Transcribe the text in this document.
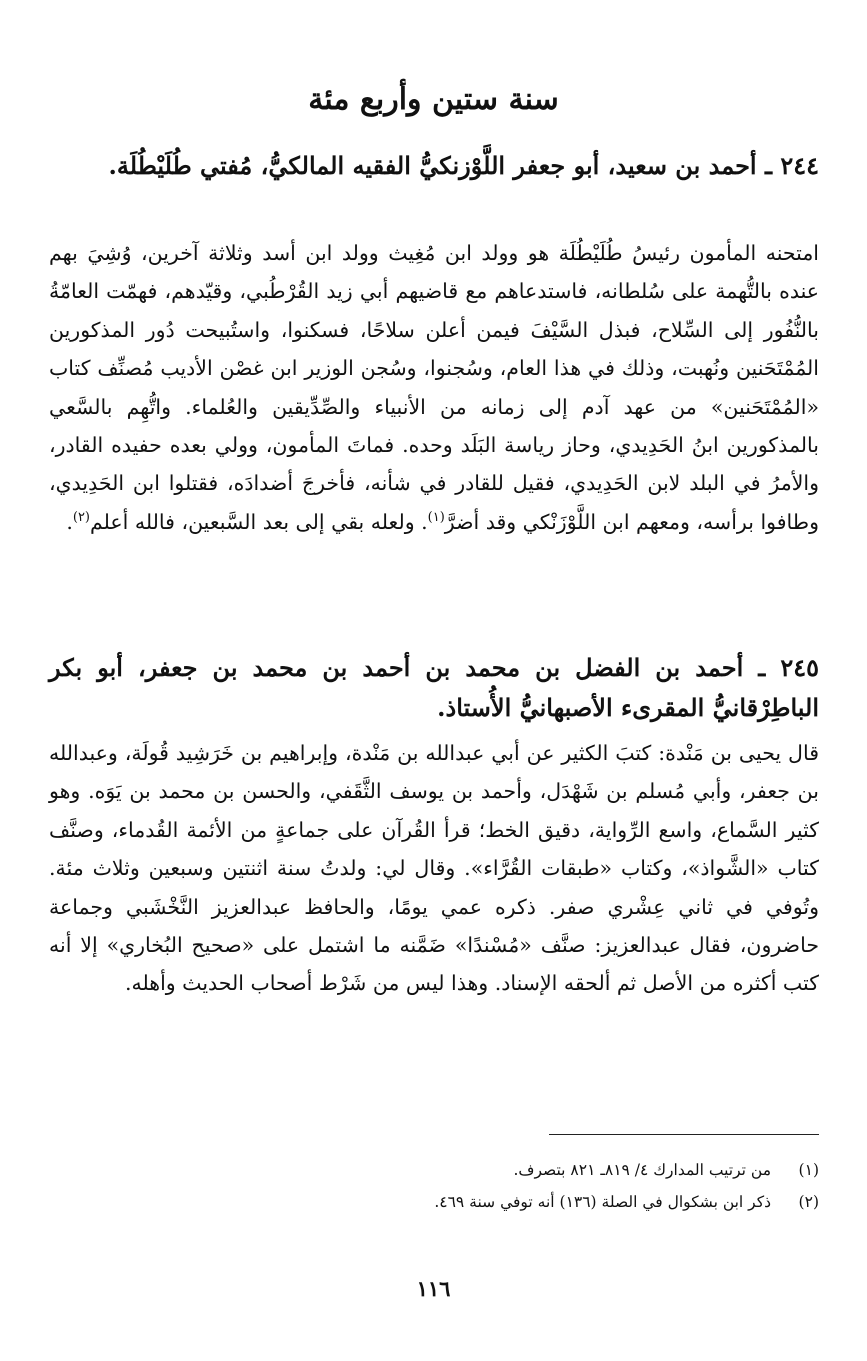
سنة ستين وأربع مئة
٢٤٤ ـ أحمد بن سعيد، أبو جعفر اللَّوْزنكيُّ الفقيه المالكيُّ، مُفتي طُلَيْطُلَة.

امتحنه المأمون رئيسُ طُلَيْطُلَة هو وولد ابن مُغِيث وولد ابن أسد وثلاثة آخرين، وُشِيَ بهم عنده بالتُّهمة على سُلطانه، فاستدعاهم مع قاضيهم أبي زيد القُرْطُبي، وقيّدهم، فهمّت العامّةُ بالنُّفُور إلى السِّلاح، فبذل السَّيْفَ فيمن أعلن سلاحًا، فسكنوا، واستُبيحت دُور المذكورين المُمْتَحَنين ونُهبت، وذلك في هذا العام، وسُجنوا، وسُجن الوزير ابن غصْن الأديب مُصنِّف كتاب «المُمْتَحَنين» من عهد آدم إلى زمانه من الأنبياء والصِّدِّيقين والعُلماء. واتُّهِم بالسَّعي بالمذكورين ابنُ الحَدِيدي، وحاز رياسة البَلَد وحده. فماتَ المأمون، وولي بعده حفيده القادر، والأمرُ في البلد لابن الحَدِيدي، فقيل للقادر في شأنه، فأخرجَ أضدادَه، فقتلوا ابن الحَدِيدي، وطافوا برأسه، ومعهم ابن اللَّوْزَنْكي وقد أضرَّ$^{(١)}$. ولعله بقي إلى بعد السَّبعين، فالله أعلم$^{(٢)}$.

٢٤٥ ـ أحمد بن الفضل بن محمد بن أحمد بن محمد بن جعفر، أبو بكر الباطِرْقانيُّ المقرىء الأصبهانيُّ الأُستاذ.

قال يحيى بن مَنْدة: كتبَ الكثير عن أبي عبدالله بن مَنْدة، وإبراهيم بن خَرَشِيد قُولَة، وعبدالله بن جعفر، وأبي مُسلم بن شَهْدَل، وأحمد بن يوسف الثَّقَفي، والحسن بن محمد بن يَوَه. وهو كثير السَّماع، واسع الرِّواية، دقيق الخط؛ قرأ القُرآن على جماعةٍ من الأئمة القُدماء، وصنَّف كتاب «الشَّواذ»، وكتاب «طبقات القُرَّاء». وقال لي: ولدتُ سنة اثنتين وسبعين وثلاث مئة. وتُوفي في ثاني عِشْري صفر. ذكره عمي يومًا، والحافظ عبدالعزيز النَّخْشَبي وجماعة حاضرون، فقال عبدالعزيز: صنَّف «مُسْندًا» ضَمَّنه ما اشتمل على «صحيح البُخاري» إلا أنه كتب أكثره من الأصل ثم ألحقه الإسناد. وهذا ليس من شَرْط أصحاب الحديث وأهله.

(١)
من ترتيب المدارك ٤/ ٨١٩ـ ٨٢١ بتصرف.
(٢)
ذكر ابن بشكوال في الصلة (١٣٦) أنه توفي سنة ٤٦٩.
١١٦
